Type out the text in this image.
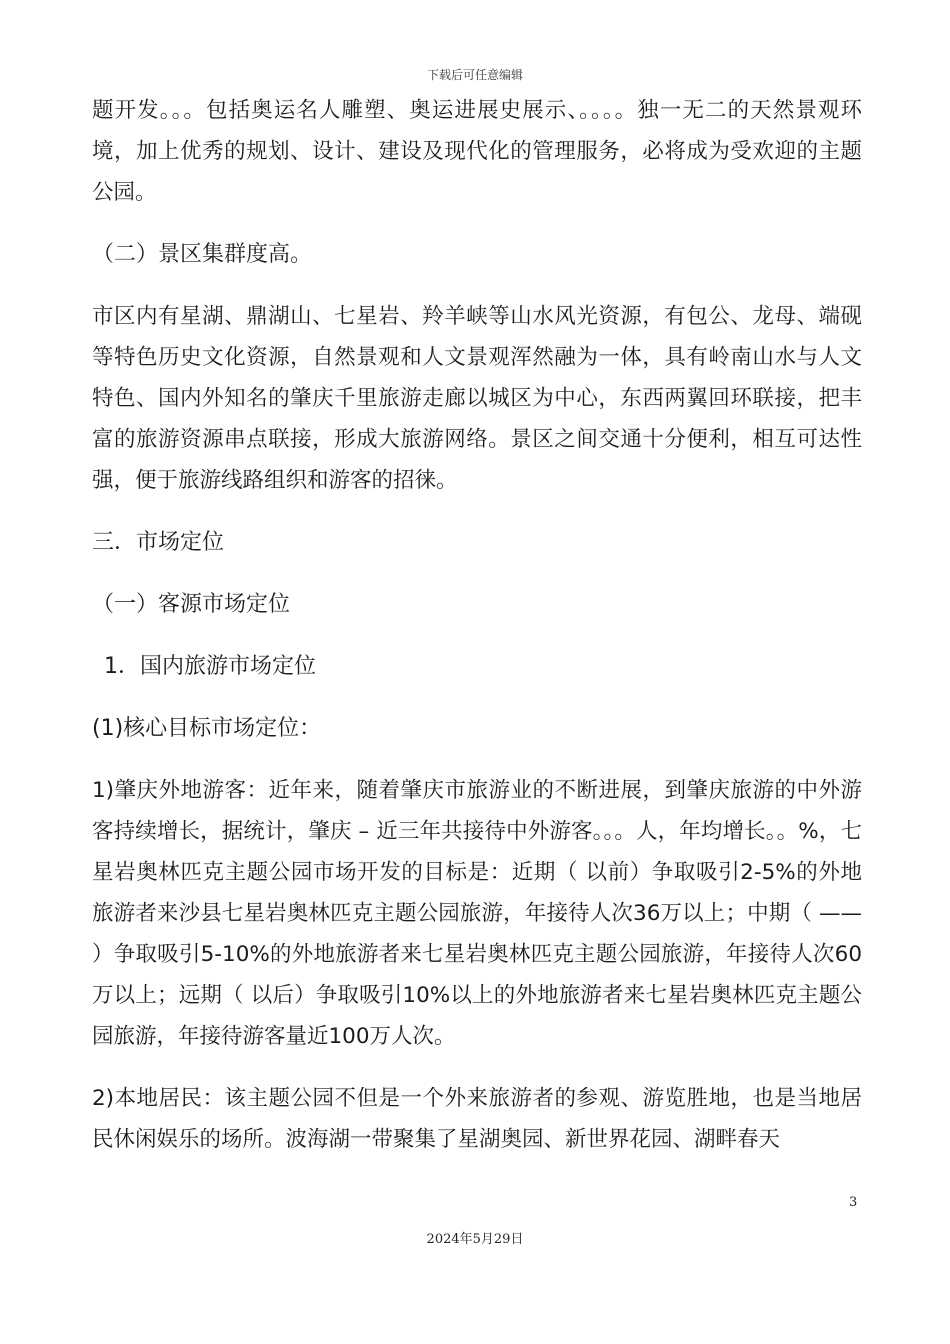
下载后可任意编辑

题开发。。。包括奥运名人雕塑、奥运进展史展示、。。。。独一无二的天然景观环境，加上优秀的规划、设计、建设及现代化的管理服务，必将成为受欢迎的主题公园。

（二）景区集群度高。

市区内有星湖、鼎湖山、七星岩、羚羊峡等山水风光资源，有包公、龙母、端砚等特色历史文化资源，自然景观和人文景观浑然融为一体，具有岭南山水与人文特色、国内外知名的肇庆千里旅游走廊以城区为中心，东西两翼回环联接，把丰富的旅游资源串点联接，形成大旅游网络。景区之间交通十分便利，相互可达性强，便于旅游线路组织和游客的招徕。

三．市场定位

（一）客源市场定位

1．国内旅游市场定位

(1)核心目标市场定位：

1)肇庆外地游客：近年来，随着肇庆市旅游业的不断进展，到肇庆旅游的中外游客持续增长，据统计，肇庆 – 近三年共接待中外游客。。。人，年均增长。。%，七星岩奥林匹克主题公园市场开发的目标是：近期（ 以前）争取吸引2-5%的外地旅游者来沙县七星岩奥林匹克主题公园旅游，年接待人次36万以上；中期（ —— ）争取吸引5-10%的外地旅游者来七星岩奥林匹克主题公园旅游，年接待人次60万以上；远期（ 以后）争取吸引10%以上的外地旅游者来七星岩奥林匹克主题公园旅游，年接待游客量近100万人次。

2)本地居民：该主题公园不但是一个外来旅游者的参观、游览胜地，也是当地居民休闲娱乐的场所。波海湖一带聚集了星湖奥园、新世界花园、湖畔春天

3
2024年5月29日
